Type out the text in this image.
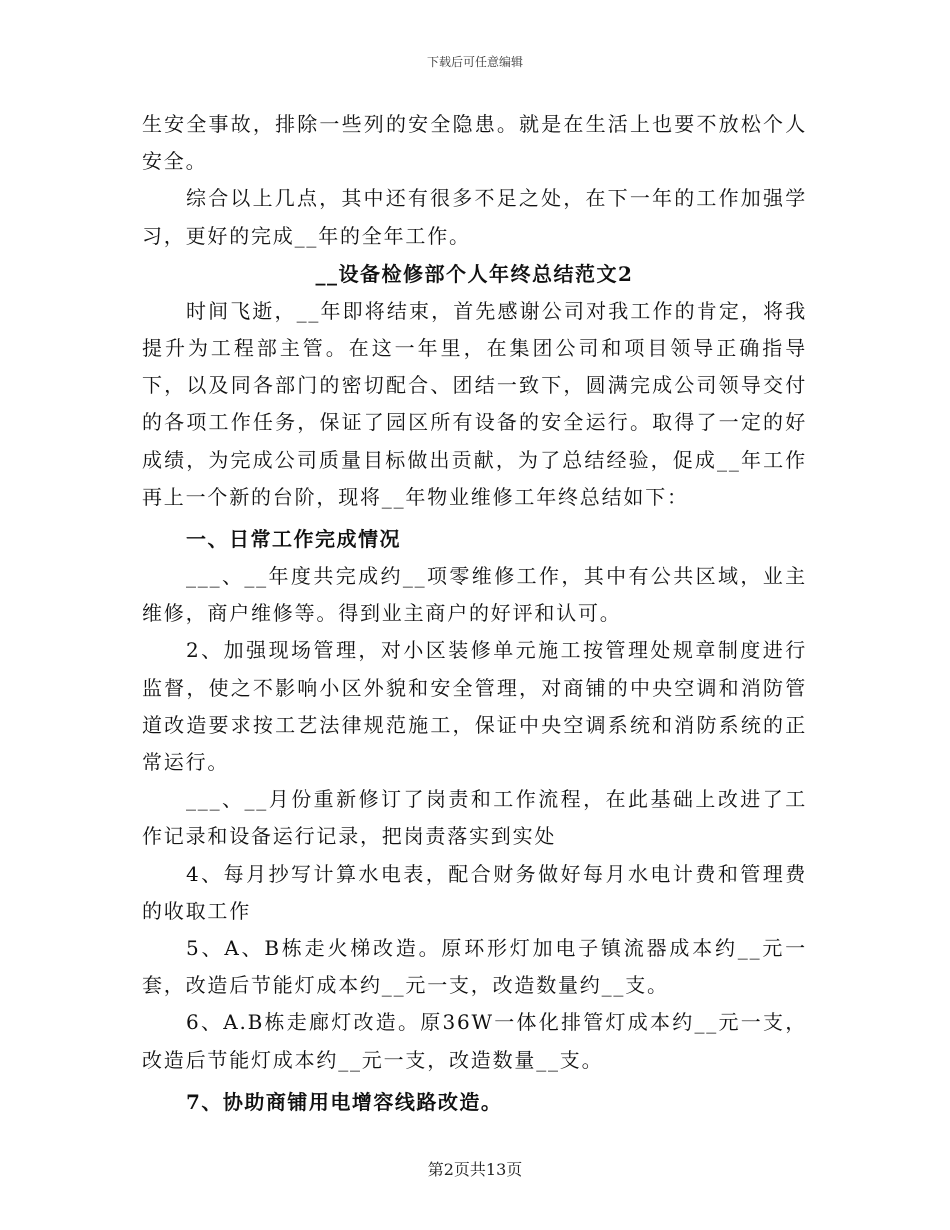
下载后可任意编辑

生安全事故，排除一些列的安全隐患。就是在生活上也要不放松个人安全。

综合以上几点，其中还有很多不足之处，在下一年的工作加强学习，更好的完成__年的全年工作。

__设备检修部个人年终总结范文2

时间飞逝，__年即将结束，首先感谢公司对我工作的肯定，将我提升为工程部主管。在这一年里，在集团公司和项目领导正确指导下，以及同各部门的密切配合、团结一致下，圆满完成公司领导交付的各项工作任务，保证了园区所有设备的安全运行。取得了一定的好成绩，为完成公司质量目标做出贡献，为了总结经验，促成__年工作再上一个新的台阶，现将__年物业维修工年终总结如下：

一、日常工作完成情况

___、__年度共完成约__项零维修工作，其中有公共区域，业主维修，商户维修等。得到业主商户的好评和认可。

2、加强现场管理，对小区装修单元施工按管理处规章制度进行监督，使之不影响小区外貌和安全管理，对商铺的中央空调和消防管道改造要求按工艺法律规范施工，保证中央空调系统和消防系统的正常运行。

___、__月份重新修订了岗责和工作流程，在此基础上改进了工作记录和设备运行记录，把岗责落实到实处

4、每月抄写计算水电表，配合财务做好每月水电计费和管理费的收取工作

5、A、B栋走火梯改造。原环形灯加电子镇流器成本约__元一套，改造后节能灯成本约__元一支，改造数量约__支。

6、A.B栋走廊灯改造。原36W一体化排管灯成本约__元一支，改造后节能灯成本约__元一支，改造数量__支。

7、协助商铺用电增容线路改造。

第2页共13页
